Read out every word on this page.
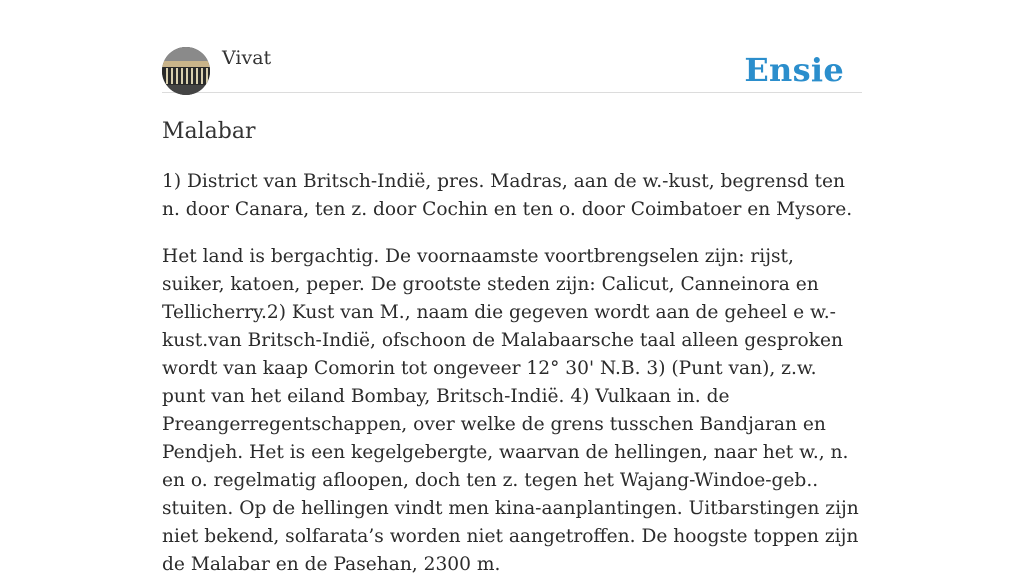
Vivat	Ensie
Malabar

1) District van Britsch-Indië, pres. Madras, aan de w.-kust, begrensd ten n. door Canara, ten z. door Cochin en ten o. door Coimbatoer en Mysore.

Het land is bergachtig. De voornaamste voortbrengselen zijn: rijst, suiker, katoen, peper. De grootste steden zijn: Calicut, Canneinora en Tellicherry.2) Kust van M., naam die gegeven wordt aan de geheel e w.-kust.van Britsch-Indië, ofschoon de Malabaarsche taal alleen gesproken wordt van kaap Comorin tot ongeveer 12° 30' N.B. 3) (Punt van), z.w. punt van het eiland Bombay, Britsch-Indië. 4) Vulkaan in. de Preangerregentschappen, over welke de grens tusschen Bandjaran en Pendjeh. Het is een kegelgebergte, waarvan de hellingen, naar het w., n. en o. regelmatig afloopen, doch ten z. tegen het Wajang-Windoe-geb.. stuiten. Op de hellingen vindt men kina-aanplantingen. Uitbarstingen zijn niet bekend, solfarata’s worden niet aangetroffen. De hoogste toppen zijn de Malabar en de Pasehan, 2300 m.
